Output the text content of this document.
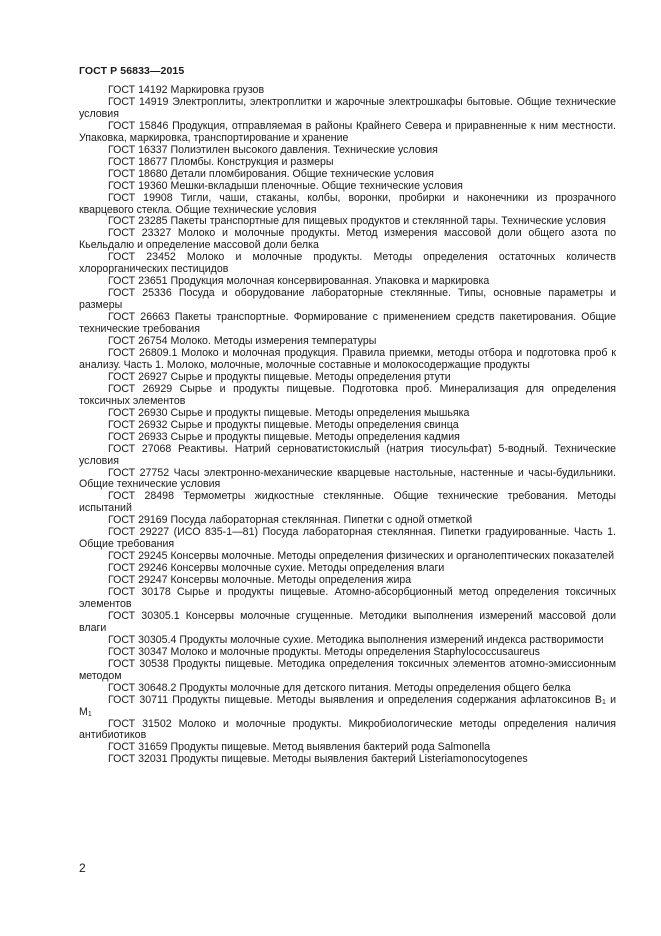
ГОСТ Р 56833—2015

ГОСТ 14192 Маркировка грузов

ГОСТ 14919 Электроплиты, электроплитки и жарочные электрошкафы бытовые. Общие технические условия

ГОСТ 15846 Продукция, отправляемая в районы Крайнего Севера и приравненные к ним местности. Упаковка, маркировка, транспортирование и хранение

ГОСТ 16337 Полиэтилен высокого давления. Технические условия

ГОСТ 18677 Пломбы. Конструкция и размеры

ГОСТ 18680 Детали пломбирования. Общие технические условия

ГОСТ 19360 Мешки-вкладыши пленочные. Общие технические условия

ГОСТ 19908 Тигли, чаши, стаканы, колбы, воронки, пробирки и наконечники из прозрачного кварцевого стекла. Общие технические условия

ГОСТ 23285 Пакеты транспортные для пищевых продуктов и стеклянной тары. Технические условия

ГОСТ 23327 Молоко и молочные продукты. Метод измерения массовой доли общего азота по Кьельдалю и определение массовой доли белка

ГОСТ 23452 Молоко и молочные продукты. Методы определения остаточных количеств хлорорганических пестицидов

ГОСТ 23651 Продукция молочная консервированная. Упаковка и маркировка

ГОСТ 25336 Посуда и оборудование лабораторные стеклянные. Типы, основные параметры и размеры

ГОСТ 26663 Пакеты транспортные. Формирование с применением средств пакетирования. Общие технические требования

ГОСТ 26754 Молоко. Методы измерения температуры

ГОСТ 26809.1 Молоко и молочная продукция. Правила приемки, методы отбора и подготовка проб к анализу. Часть 1. Молоко, молочные, молочные составные и молокосодержащие продукты

ГОСТ 26927 Сырье и продукты пищевые. Методы определения ртути

ГОСТ 26929 Сырье и продукты пищевые. Подготовка проб. Минерализация для определения токсичных элементов

ГОСТ 26930 Сырье и продукты пищевые. Методы определения мышьяка

ГОСТ 26932 Сырье и продукты пищевые. Методы определения свинца

ГОСТ 26933 Сырье и продукты пищевые. Методы определения кадмия

ГОСТ 27068 Реактивы. Натрий серноватистокислый (натрия тиосульфат) 5-водный. Технические условия

ГОСТ 27752 Часы электронно-механические кварцевые настольные, настенные и часы-будильники. Общие технические условия

ГОСТ 28498 Термометры жидкостные стеклянные. Общие технические требования. Методы испытаний

ГОСТ 29169 Посуда лабораторная стеклянная. Пипетки с одной отметкой

ГОСТ 29227 (ИСО 835-1—81) Посуда лабораторная стеклянная. Пипетки градуированные. Часть 1. Общие требования

ГОСТ 29245 Консервы молочные. Методы определения физических и органолептических показателей

ГОСТ 29246 Консервы молочные сухие. Методы определения влаги

ГОСТ 29247 Консервы молочные. Методы определения жира

ГОСТ 30178 Сырье и продукты пищевые. Атомно-абсорбционный метод определения токсичных элементов

ГОСТ 30305.1 Консервы молочные сгущенные. Методики выполнения измерений массовой доли влаги

ГОСТ 30305.4 Продукты молочные сухие. Методика выполнения измерений индекса растворимости

ГОСТ 30347 Молоко и молочные продукты. Методы определения Staphylococcusaureus

ГОСТ 30538 Продукты пищевые. Методика определения токсичных элементов атомно-эмиссионным методом

ГОСТ 30648.2 Продукты молочные для детского питания. Методы определения общего белка

ГОСТ 30711 Продукты пищевые. Методы выявления и определения содержания афлатоксинов $В_1$ и $М_1$

ГОСТ 31502 Молоко и молочные продукты. Микробиологические методы определения наличия антибиотиков

ГОСТ 31659 Продукты пищевые. Метод выявления бактерий рода Salmonella

ГОСТ 32031 Продукты пищевые. Методы выявления бактерий Listeriamonocytogenes

2
